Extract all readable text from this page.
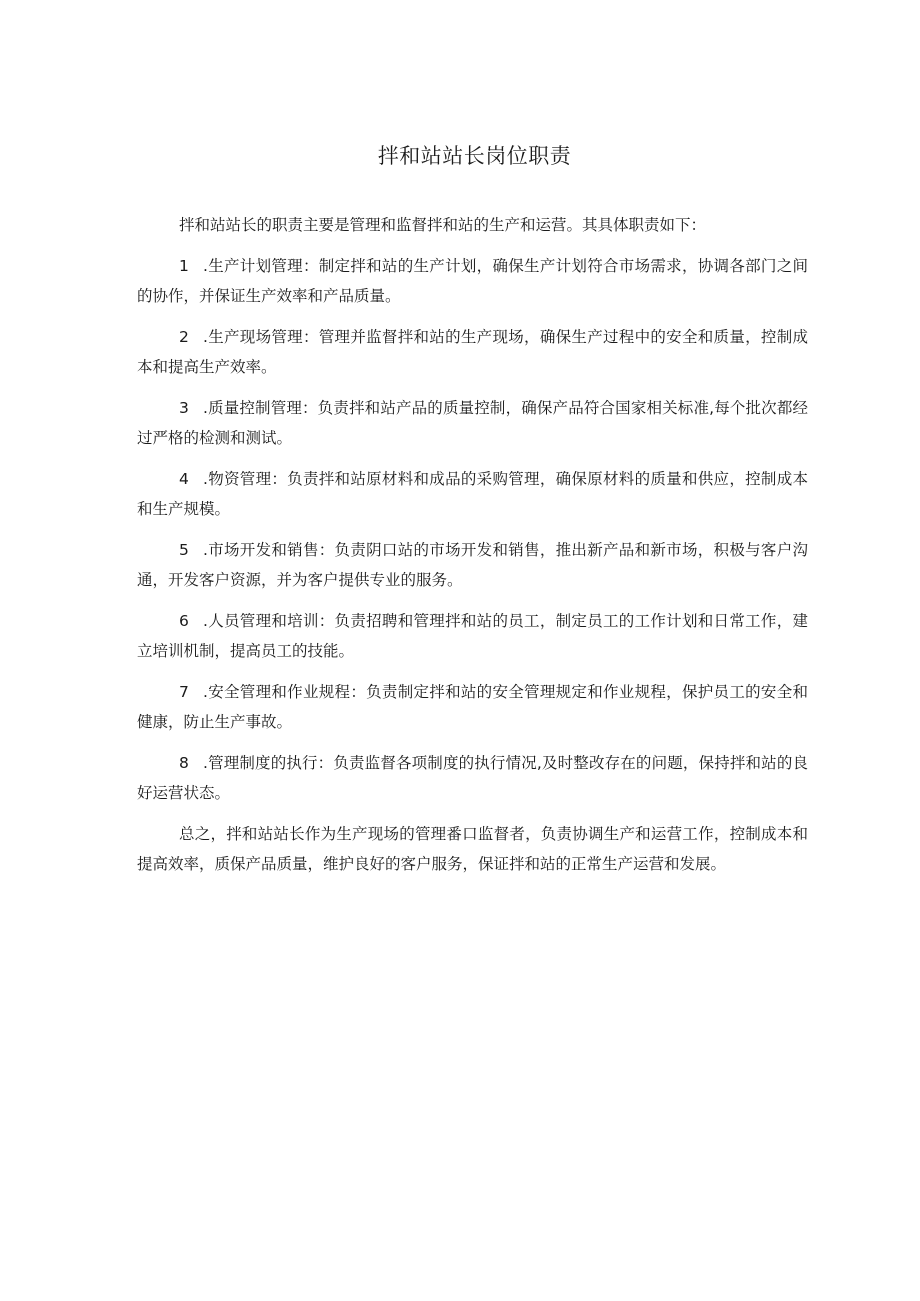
拌和站站长岗位职责

拌和站站长的职责主要是管理和监督拌和站的生产和运营。其具体职责如下：

1 .生产计划管理：制定拌和站的生产计划，确保生产计划符合市场需求，协调各部门之间的协作，并保证生产效率和产品质量。

2 .生产现场管理：管理并监督拌和站的生产现场，确保生产过程中的安全和质量，控制成本和提高生产效率。

3 .质量控制管理：负责拌和站产品的质量控制，确保产品符合国家相关标准,每个批次都经过严格的检测和测试。

4 .物资管理：负责拌和站原材料和成品的采购管理，确保原材料的质量和供应，控制成本和生产规模。

5 .市场开发和销售：负责阴口站的市场开发和销售，推出新产品和新市场，积极与客户沟通，开发客户资源，并为客户提供专业的服务。

6 .人员管理和培训：负责招聘和管理拌和站的员工，制定员工的工作计划和日常工作，建立培训机制，提高员工的技能。

7 .安全管理和作业规程：负责制定拌和站的安全管理规定和作业规程，保护员工的安全和健康，防止生产事故。

8 .管理制度的执行：负责监督各项制度的执行情况,及时整改存在的问题，保持拌和站的良好运营状态。

总之，拌和站站长作为生产现场的管理番口监督者，负责协调生产和运营工作，控制成本和提高效率，质保产品质量，维护良好的客户服务，保证拌和站的正常生产运营和发展。
